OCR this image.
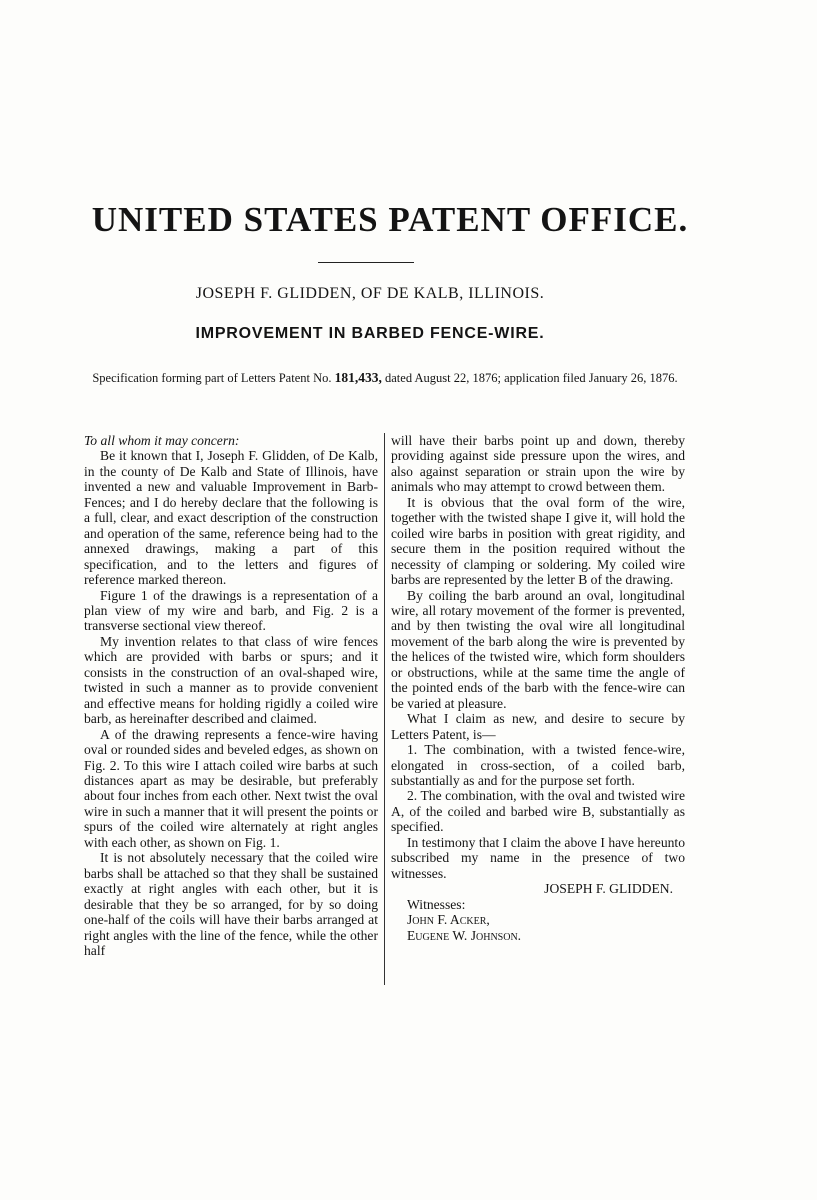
UNITED STATES PATENT OFFICE.
JOSEPH F. GLIDDEN, OF DE KALB, ILLINOIS.
IMPROVEMENT IN BARBED FENCE-WIRE.
Specification forming part of Letters Patent No. 181,433, dated August 22, 1876; application filed January 26, 1876.

To all whom it may concern:

Be it known that I, Joseph F. Glidden, of De Kalb, in the county of De Kalb and State of Illinois, have invented a new and valuable Improvement in Barb-Fences; and I do hereby declare that the following is a full, clear, and exact description of the construction and operation of the same, reference being had to the annexed drawings, making a part of this specification, and to the letters and figures of reference marked thereon.

Figure 1 of the drawings is a representation of a plan view of my wire and barb, and Fig. 2 is a transverse sectional view thereof.

My invention relates to that class of wire fences which are provided with barbs or spurs; and it consists in the construction of an oval-shaped wire, twisted in such a manner as to provide convenient and effective means for holding rigidly a coiled wire barb, as hereinafter described and claimed.

A of the drawing represents a fence-wire having oval or rounded sides and beveled edges, as shown on Fig. 2. To this wire I attach coiled wire barbs at such distances apart as may be desirable, but preferably about four inches from each other. Next twist the oval wire in such a manner that it will present the points or spurs of the coiled wire alternately at right angles with each other, as shown on Fig. 1.

It is not absolutely necessary that the coiled wire barbs shall be attached so that they shall be sustained exactly at right angles with each other, but it is desirable that they be so arranged, for by so doing one-half of the coils will have their barbs arranged at right angles with the line of the fence, while the other half

will have their barbs point up and down, thereby providing against side pressure upon the wires, and also against separation or strain upon the wire by animals who may attempt to crowd between them.

It is obvious that the oval form of the wire, together with the twisted shape I give it, will hold the coiled wire barbs in position with great rigidity, and secure them in the position required without the necessity of clamping or soldering. My coiled wire barbs are represented by the letter B of the drawing.

By coiling the barb around an oval, longitudinal wire, all rotary movement of the former is prevented, and by then twisting the oval wire all longitudinal movement of the barb along the wire is prevented by the helices of the twisted wire, which form shoulders or obstructions, while at the same time the angle of the pointed ends of the barb with the fence-wire can be varied at pleasure.

What I claim as new, and desire to secure by Letters Patent, is—

1. The combination, with a twisted fence-wire, elongated in cross-section, of a coiled barb, substantially as and for the purpose set forth.

2. The combination, with the oval and twisted wire A, of the coiled and barbed wire B, substantially as specified.

In testimony that I claim the above I have hereunto subscribed my name in the presence of two witnesses.

JOSEPH F. GLIDDEN.

Witnesses:

John F. Acker,

Eugene W. Johnson.
